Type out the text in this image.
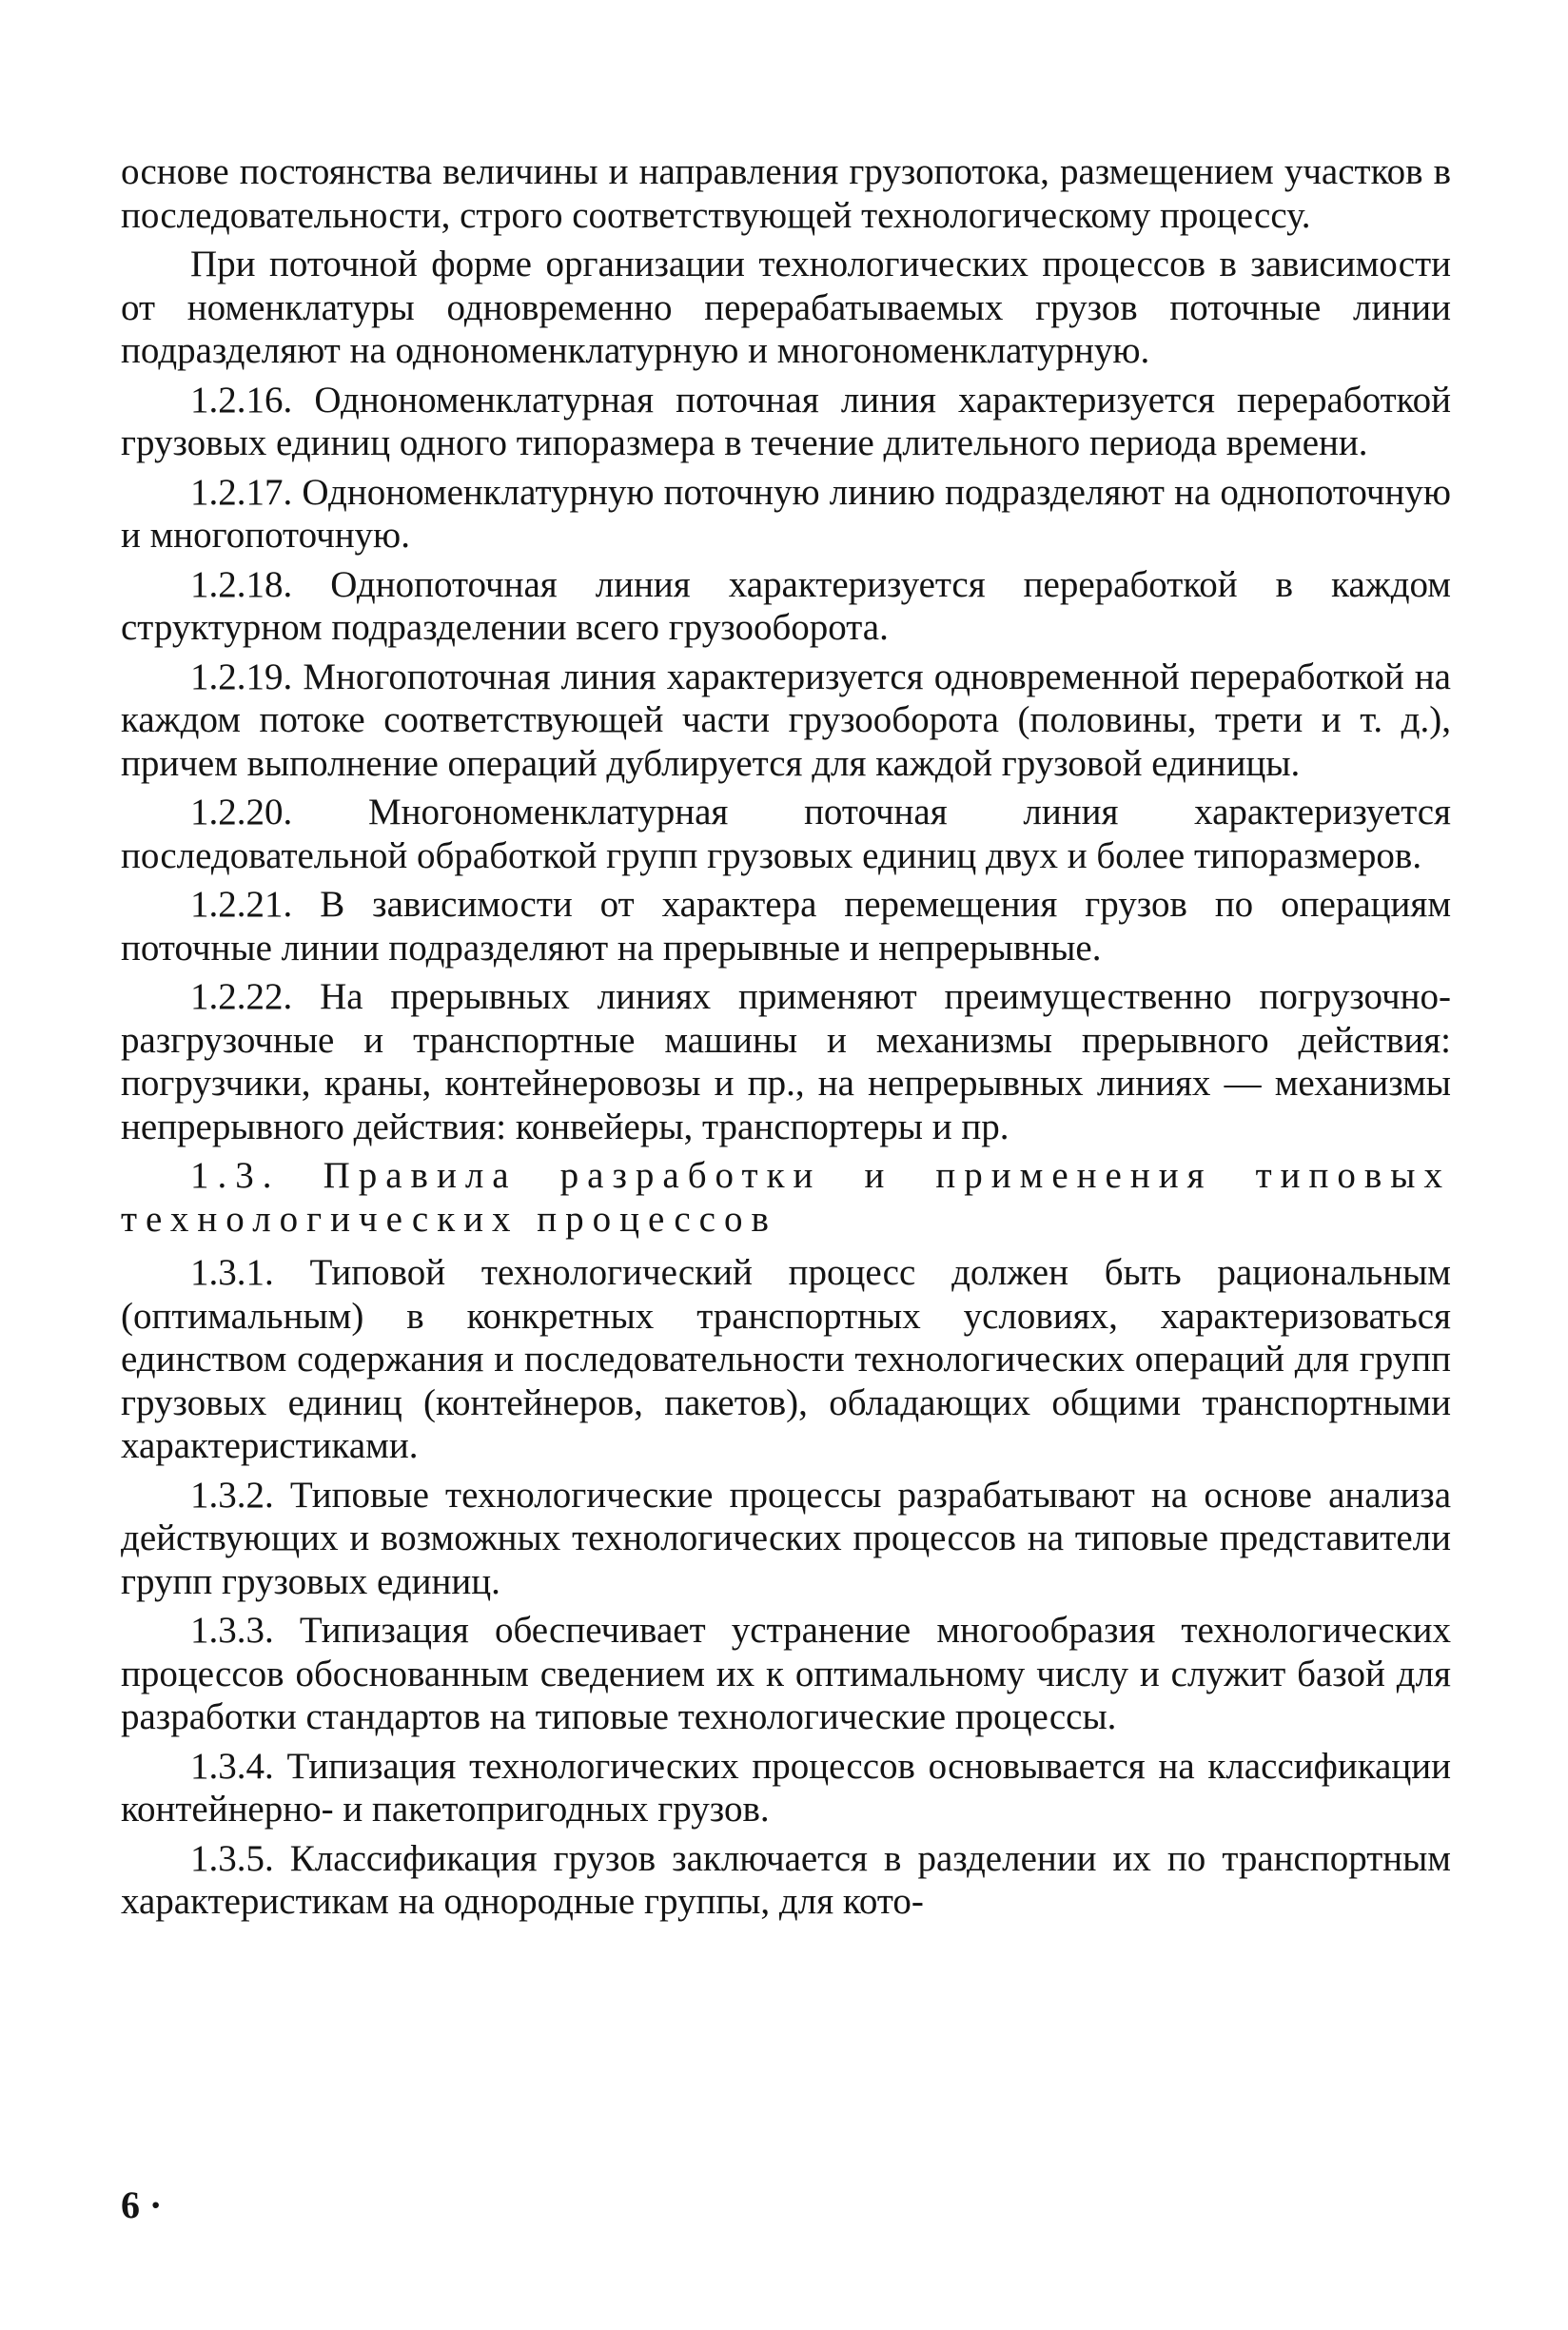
основе постоянства величины и направления грузопотока, размещением участков в последовательности, строго соответствующей технологическому процессу.

При поточной форме организации технологических процессов в зависимости от номенклатуры одновременно перерабатываемых грузов поточные линии подразделяют на однономенклатурную и многономенклатурную.

1.2.16. Однономенклатурная поточная линия характеризуется переработкой грузовых единиц одного типоразмера в течение длительного периода времени.

1.2.17. Однономенклатурную поточную линию подразделяют на однопоточную и многопоточную.

1.2.18. Однопоточная линия характеризуется переработкой в каждом структурном подразделении всего грузооборота.

1.2.19. Многопоточная линия характеризуется одновременной переработкой на каждом потоке соответствующей части грузооборота (половины, трети и т. д.), причем выполнение операций дублируется для каждой грузовой единицы.

1.2.20. Многономенклатурная поточная линия характеризуется последовательной обработкой групп грузовых единиц двух и более типоразмеров.

1.2.21. В зависимости от характера перемещения грузов по операциям поточные линии подразделяют на прерывные и непрерывные.

1.2.22. На прерывных линиях применяют преимущественно погрузочно-разгрузочные и транспортные машины и механизмы прерывного действия: погрузчики, краны, контейнеровозы и пр., на непрерывных линиях — механизмы непрерывного действия: конвейеры, транспортеры и пр.

1.3. Правила разработки и применения типовых технологических процессов

1.3.1. Типовой технологический процесс должен быть рациональным (оптимальным) в конкретных транспортных условиях, характеризоваться единством содержания и последовательности технологических операций для групп грузовых единиц (контейнеров, пакетов), обладающих общими транспортными характеристиками.

1.3.2. Типовые технологические процессы разрабатывают на основе анализа действующих и возможных технологических процессов на типовые представители групп грузовых единиц.

1.3.3. Типизация обеспечивает устранение многообразия технологических процессов обоснованным сведением их к оптимальному числу и служит базой для разработки стандартов на типовые технологические процессы.

1.3.4. Типизация технологических процессов основывается на классификации контейнерно- и пакетопригодных грузов.

1.3.5. Классификация грузов заключается в разделении их по транспортным характеристикам на однородные группы, для кото-

6 ·
